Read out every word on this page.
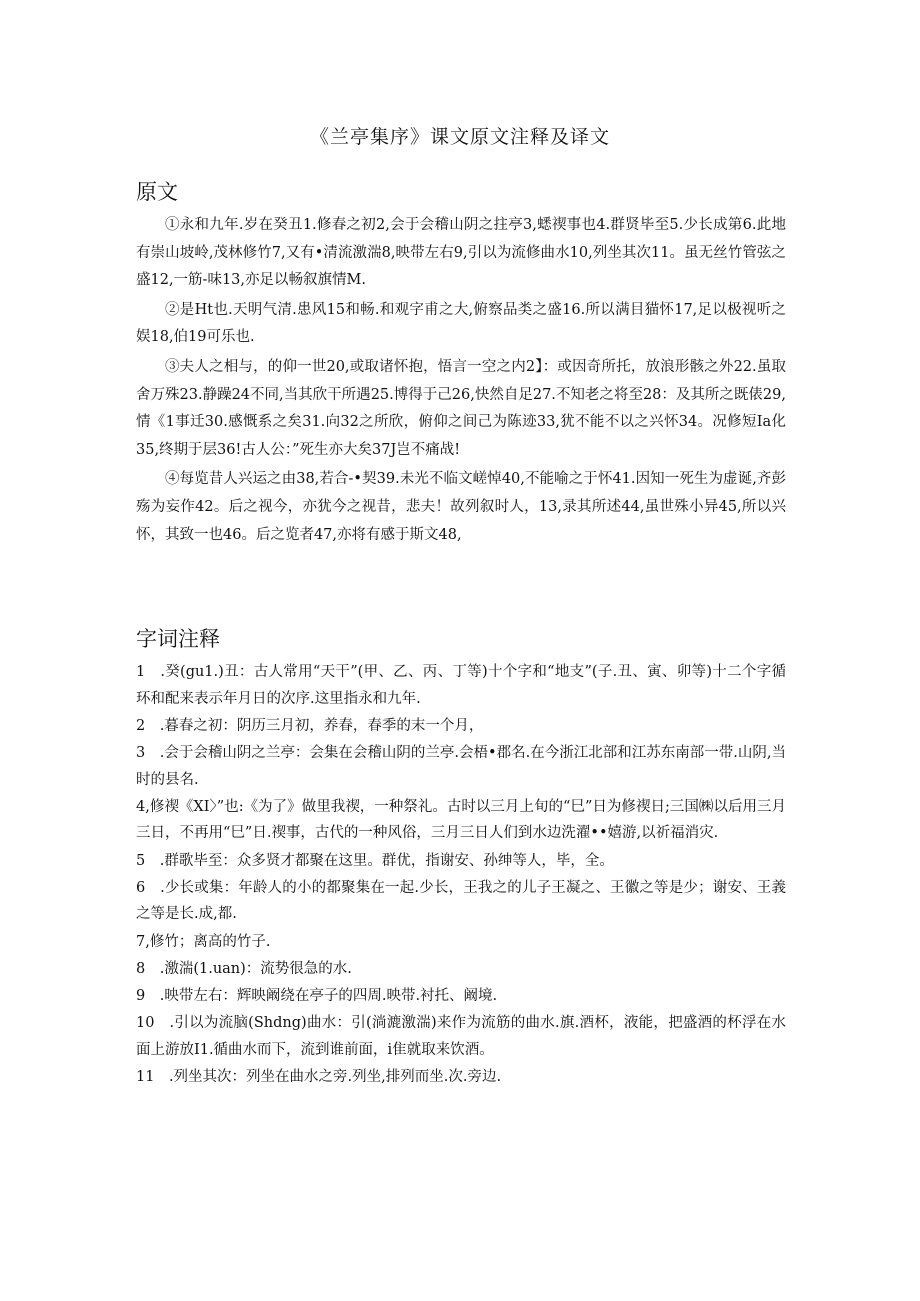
《兰亭集序》课文原文注释及译文
原文

①永和九年.岁在癸丑1.修春之初2,会于会稽山阴之拄亭3,蟋禊事也4.群贤毕至5.少长成第6.此地有崇山坡岭,茂林修竹7,又有•清流激湍8,映带左右9,引以为流修曲水10,列坐其次11。虽无丝竹管弦之盛12,一筋-味13,亦足以畅叙旗情M.

②是Ht也.天明气清.患风15和畅.和观字甫之大,俯察品类之盛16.所以满目猫怀17,足以极视听之娱18,伯19可乐也.

③夫人之相与，的仰一世20,或取诸怀抱，悟言一空之内2】：或因奇所托，放浪形骸之外22.虽取舍万殊23.静躁24不同,当其欣干所遇25.博得于己26,快然自足27.不知老之将至28：及其所之既俵29,情《1事迁30.感慨系之矣31.向32之所欣，俯仰之间己为陈迹33,犹不能不以之兴怀34。况修短Ia化35,终期于层36!古人公：”死生亦大矣37J岂不痛战!

④每览昔人兴运之由38,若合-•契39.未光不临文嵯悼40,不能喻之于怀41.因知一死生为虚诞,齐彭殇为妄作42。后之视今，亦犹今之视昔，悲夫！故列叙时人，13,录其所述44,虽世殊小异45,所以兴怀，其致一也46。后之览者47,亦将有感于斯文48,

字词注释

1　.癸(gu1.)丑：古人常用“天干”(甲、乙、丙、丁等)十个字和“地支”(子.丑、寅、卯等)十二个字循环和配来表示年月日的次序.这里指永和九年.

2　.暮春之初：阴历三月初，养春，春季的末一个月，

3　.会于会稽山阴之兰亭：会集在会稽山阴的兰亭.会梧•郡名.在今浙江北部和江苏东南部一带.山阴,当时的县名.

4,修禊《XI〉”也:《为了》做里我禊，一种祭礼。古时以三月上旬的“巳”日为修禊日;三国㈱以后用三月三日，不再用“巳”日.禊事，古代的一种风俗，三月三日人们到水边洗濯••嬉游,以祈福消灾.

5　.群歌毕至：众多贤才都聚在这里。群优，指谢安、孙绅等人，毕，全。

6　.少长或集：年龄人的小的都聚集在一起.少长，王我之的儿子王凝之、王徽之等是少；谢安、王義之等是长.成,都.

7,修竹；离高的竹子.

8　.激湍(1.uan)：流势很急的水.

9　.映带左右：辉映阚绕在亭子的四周.映带.衬托、阚境.

10　.引以为流脑(Shdng)曲水：引(淌漉激湍)来作为流筋的曲水.旗.酒杯，液能，把盛酒的杯浮在水面上游放I1.循曲水而下，流到谁前面，i隹就取来饮酒。

11　.列坐其次：列坐在曲水之旁.列坐,排列而坐.次.旁边.
